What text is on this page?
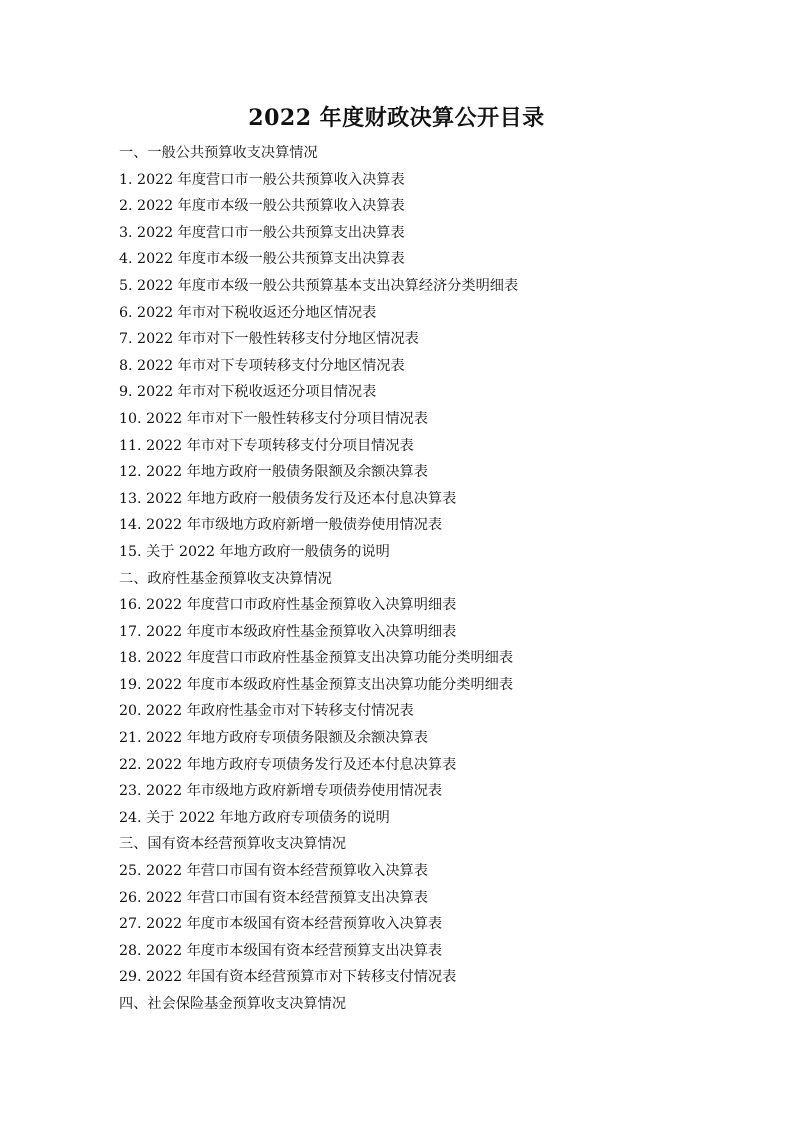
2022 年度财政决算公开目录
一、一般公共预算收支决算情况
1. 2022 年度营口市一般公共预算收入决算表
2. 2022 年度市本级一般公共预算收入决算表
3. 2022 年度营口市一般公共预算支出决算表
4. 2022 年度市本级一般公共预算支出决算表
5. 2022 年度市本级一般公共预算基本支出决算经济分类明细表
6. 2022 年市对下税收返还分地区情况表
7. 2022 年市对下一般性转移支付分地区情况表
8. 2022 年市对下专项转移支付分地区情况表
9. 2022 年市对下税收返还分项目情况表
10. 2022 年市对下一般性转移支付分项目情况表
11. 2022 年市对下专项转移支付分项目情况表
12. 2022 年地方政府一般债务限额及余额决算表
13. 2022 年地方政府一般债务发行及还本付息决算表
14. 2022 年市级地方政府新增一般债券使用情况表
15. 关于 2022 年地方政府一般债务的说明
二、政府性基金预算收支决算情况
16. 2022 年度营口市政府性基金预算收入决算明细表
17. 2022 年度市本级政府性基金预算收入决算明细表
18. 2022 年度营口市政府性基金预算支出决算功能分类明细表
19. 2022 年度市本级政府性基金预算支出决算功能分类明细表
20. 2022 年政府性基金市对下转移支付情况表
21. 2022 年地方政府专项债务限额及余额决算表
22. 2022 年地方政府专项债务发行及还本付息决算表
23. 2022 年市级地方政府新增专项债券使用情况表
24. 关于 2022 年地方政府专项债务的说明
三、国有资本经营预算收支决算情况
25. 2022 年营口市国有资本经营预算收入决算表
26. 2022 年营口市国有资本经营预算支出决算表
27. 2022 年度市本级国有资本经营预算收入决算表
28. 2022 年度市本级国有资本经营预算支出决算表
29. 2022 年国有资本经营预算市对下转移支付情况表
四、社会保险基金预算收支决算情况
